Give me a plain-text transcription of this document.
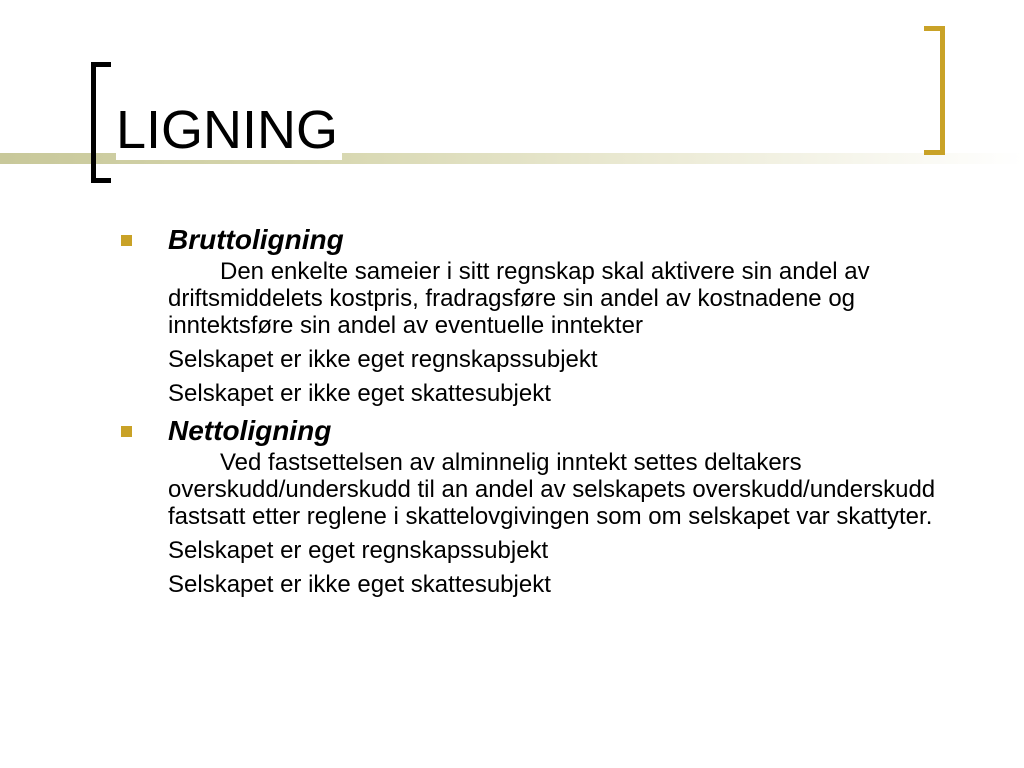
LIGNING

Bruttoligning

Den enkelte sameier i sitt regnskap skal aktivere sin andel av driftsmiddelets kostpris, fradragsføre sin andel av kostnadene og inntektsføre sin andel av eventuelle inntekter

Selskapet er ikke eget regnskapssubjekt

Selskapet er ikke eget skattesubjekt

Nettoligning

Ved fastsettelsen av alminnelig inntekt settes deltakers overskudd/underskudd til an andel av selskapets overskudd/underskudd fastsatt etter reglene i skattelovgivingen som om selskapet var skattyter.

Selskapet er eget regnskapssubjekt

Selskapet er ikke eget skattesubjekt
